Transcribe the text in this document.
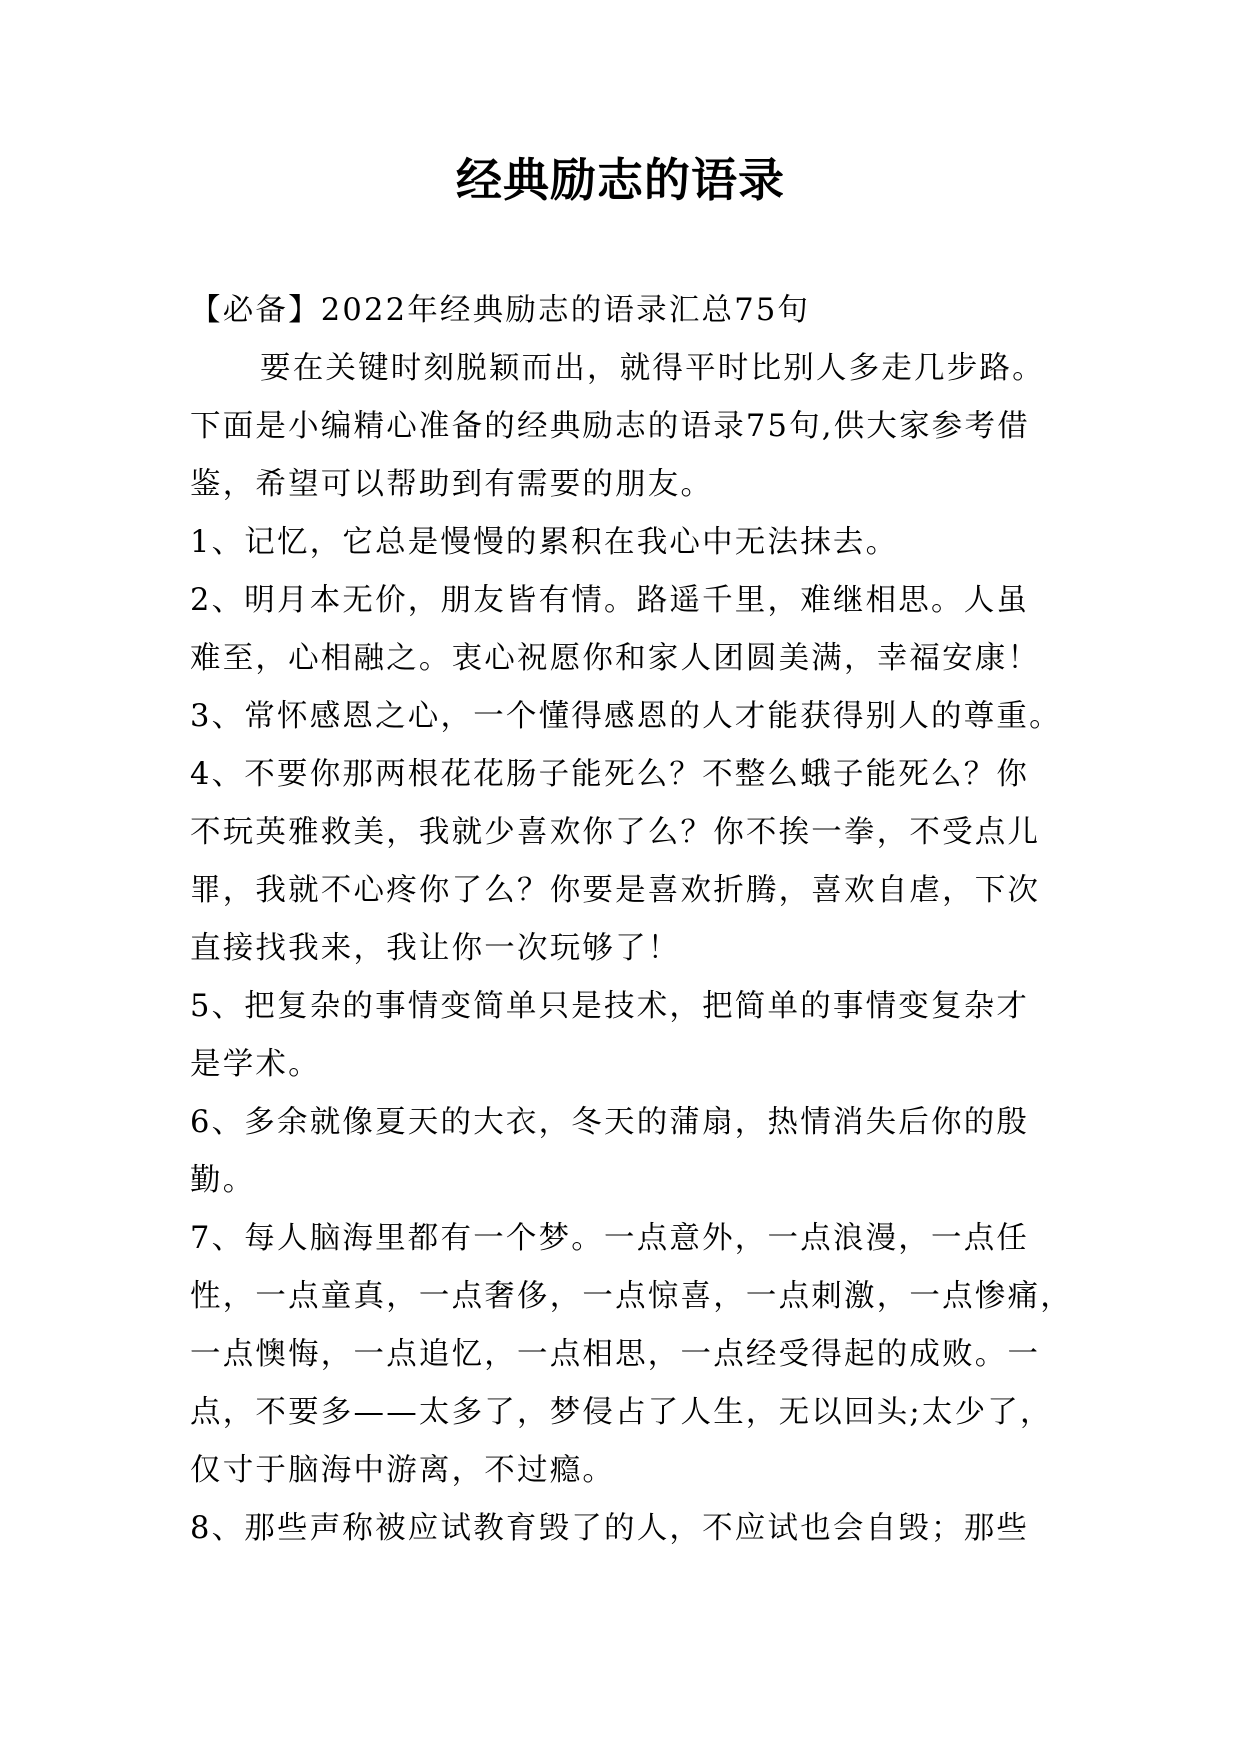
经典励志的语录
【必备】2022年经典励志的语录汇总75句
要在关键时刻脱颖而出，就得平时比别人多走几步路。
下面是小编精心准备的经典励志的语录75句,供大家参考借
鉴，希望可以帮助到有需要的朋友。
1、记忆，它总是慢慢的累积在我心中无法抹去。
2、明月本无价，朋友皆有情。路遥千里，难继相思。人虽
难至，心相融之。衷心祝愿你和家人团圆美满，幸福安康！
3、常怀感恩之心，一个懂得感恩的人才能获得别人的尊重。
4、不要你那两根花花肠子能死么？不整么蛾子能死么？你
不玩英雅救美，我就少喜欢你了么？你不挨一拳，不受点儿
罪，我就不心疼你了么？你要是喜欢折腾，喜欢自虐，下次
直接找我来，我让你一次玩够了！
5、把复杂的事情变简单只是技术，把简单的事情变复杂才
是学术。
6、多余就像夏天的大衣，冬天的蒲扇，热情消失后你的殷
勤。
7、每人脑海里都有一个梦。一点意外，一点浪漫，一点任
性，一点童真，一点奢侈，一点惊喜，一点刺激，一点惨痛，
一点懊悔，一点追忆，一点相思，一点经受得起的成败。一
点，不要多——太多了，梦侵占了人生，无以回头;太少了，
仅寸于脑海中游离，不过瘾。
8、那些声称被应试教育毁了的人，不应试也会自毁；那些
